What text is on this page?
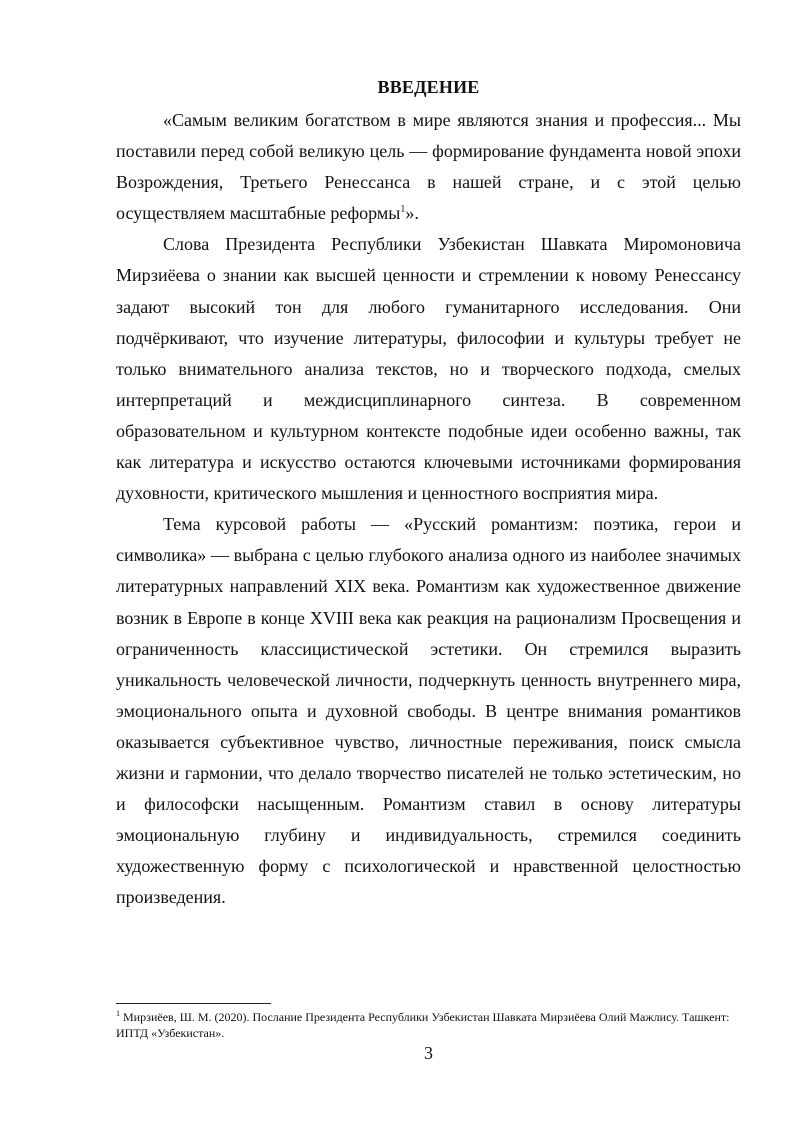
ВВЕДЕНИЕ

«Самым великим богатством в мире являются знания и профессия... Мы поставили перед собой великую цель — формирование фундамента новой эпохи Возрождения, Третьего Ренессанса в нашей стране, и с этой целью осуществляем масштабные реформы$^1$».

Слова Президента Республики Узбекистан Шавката Миромоновича Мирзиёева о знании как высшей ценности и стремлении к новому Ренессансу задают высокий тон для любого гуманитарного исследования. Они подчёркивают, что изучение литературы, философии и культуры требует не только внимательного анализа текстов, но и творческого подхода, смелых интерпретаций и междисциплинарного синтеза. В современном образовательном и культурном контексте подобные идеи особенно важны, так как литература и искусство остаются ключевыми источниками формирования духовности, критического мышления и ценностного восприятия мира.

Тема курсовой работы — «Русский романтизм: поэтика, герои и символика» — выбрана с целью глубокого анализа одного из наиболее значимых литературных направлений XIX века. Романтизм как художественное движение возник в Европе в конце XVIII века как реакция на рационализм Просвещения и ограниченность классицистической эстетики. Он стремился выразить уникальность человеческой личности, подчеркнуть ценность внутреннего мира, эмоционального опыта и духовной свободы. В центре внимания романтиков оказывается субъективное чувство, личностные переживания, поиск смысла жизни и гармонии, что делало творчество писателей не только эстетическим, но и философски насыщенным. Романтизм ставил в основу литературы эмоциональную глубину и индивидуальность, стремился соединить художественную форму с психологической и нравственной целостностью произведения.

$^1$ Мирзиёев, Ш. М. (2020). Послание Президента Республики Узбекистан Шавката Мирзиёева Олий Мажлису. Ташкент: ИПТД «Узбекистан».
3
